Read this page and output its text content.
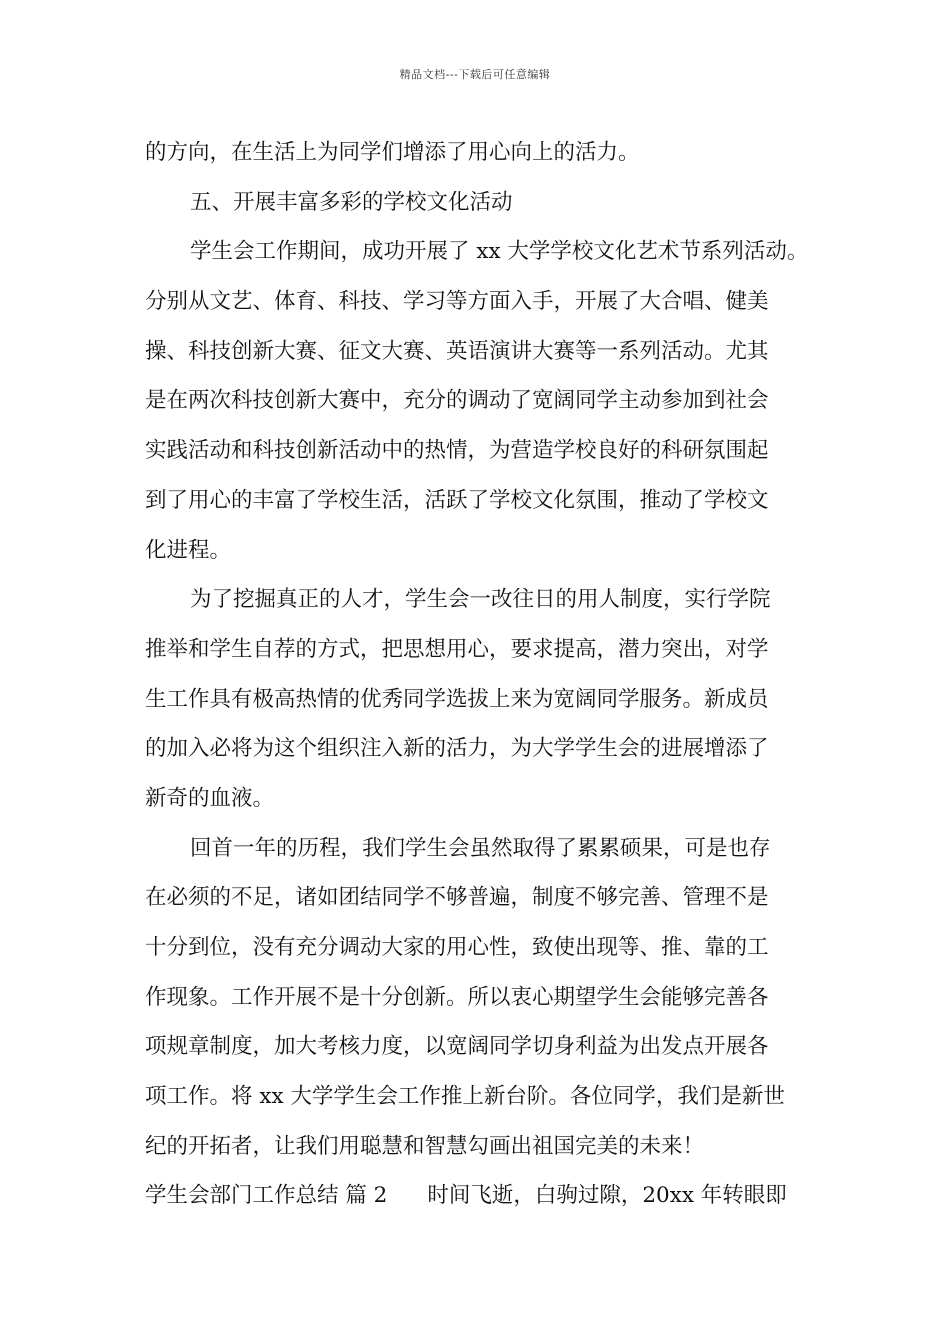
精品文档---下载后可任意编辑
的方向，在生活上为同学们增添了用心向上的活力。
五、开展丰富多彩的学校文化活动
学生会工作期间，成功开展了 xx 大学学校文化艺术节系列活动。
分别从文艺、体育、科技、学习等方面入手，开展了大合唱、健美
操、科技创新大赛、征文大赛、英语演讲大赛等一系列活动。尤其
是在两次科技创新大赛中，充分的调动了宽阔同学主动参加到社会
实践活动和科技创新活动中的热情，为营造学校良好的科研氛围起
到了用心的丰富了学校生活，活跃了学校文化氛围，推动了学校文
化进程。
为了挖掘真正的人才，学生会一改往日的用人制度，实行学院
推举和学生自荐的方式，把思想用心，要求提高，潜力突出，对学
生工作具有极高热情的优秀同学选拔上来为宽阔同学服务。新成员
的加入必将为这个组织注入新的活力，为大学学生会的进展增添了
新奇的血液。
回首一年的历程，我们学生会虽然取得了累累硕果，可是也存
在必须的不足，诸如团结同学不够普遍，制度不够完善、管理不是
十分到位，没有充分调动大家的用心性，致使出现等、推、靠的工
作现象。工作开展不是十分创新。所以衷心期望学生会能够完善各
项规章制度，加大考核力度，以宽阔同学切身利益为出发点开展各
项工作。将 xx 大学学生会工作推上新台阶。各位同学，我们是新世
纪的开拓者，让我们用聪慧和智慧勾画出祖国完美的未来！
学生会部门工作总结 篇 2 时间飞逝，白驹过隙，20xx 年转眼即
